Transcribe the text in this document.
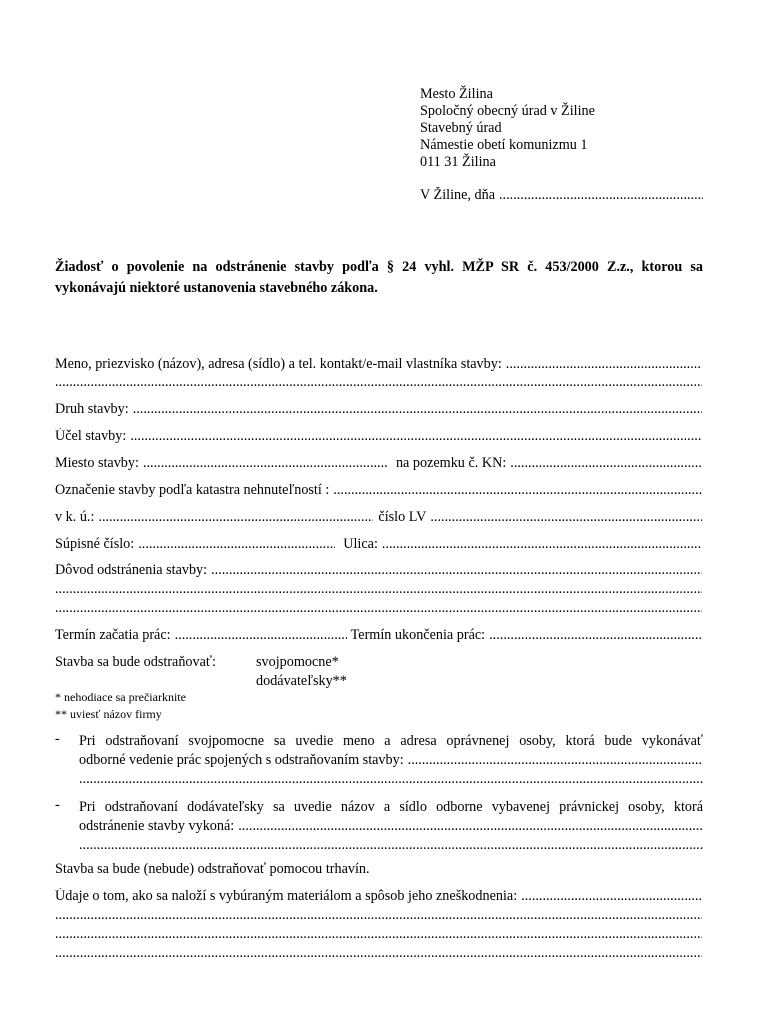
Mesto Žilina
Spoločný obecný úrad v Žiline
Stavebný úrad
Námestie obetí komunizmu 1
011 31 Žilina
V Žiline, dňa
.....
Žiadosť o povolenie na odstránenie stavby podľa § 24 vyhl. MŽP SR č. 453/2000 Z.z., ktorou sa vykonávajú niektoré ustanovenia stavebného zákona.
Meno, priezvisko (názov), adresa (sídlo) a tel. kontakt/e-mail vlastníka stavby:
.....
.....
Druh stavby:
.....
Účel stavby:
.....
Miesto stavby: .....	na pozemku č. KN:
.....
Označenie stavby podľa katastra nehnuteľností :
.....
v k. ú.: .....	číslo LV
.....
Súpisné číslo: .....	Ulica:
.....
Dôvod odstránenia stavby:
.....
.....
.....
Termín začatia prác: .....	Termín ukončenia prác:
.....
Stavba sa bude odstraňovať:	svojpomocne*
dodávateľsky**
* nehodiace sa prečiarknite
** uviesť názov firmy
- Pri odstraňovaní svojpomocne sa uvedie meno a adresa oprávnenej osoby, ktorá bude vykonávať
odborné vedenie prác spojených s odstraňovaním stavby:
.....
.....
- Pri odstraňovaní dodávateľsky sa uvedie názov a sídlo odborne vybavenej právnickej osoby, ktorá
odstránenie stavby vykoná:
.....
.....
Stavba sa bude (nebude) odstraňovať pomocou trhavín.
Údaje o tom, ako sa naloží s vybúraným materiálom a spôsob jeho zneškodnenia:
.....
.....
.....
.....
